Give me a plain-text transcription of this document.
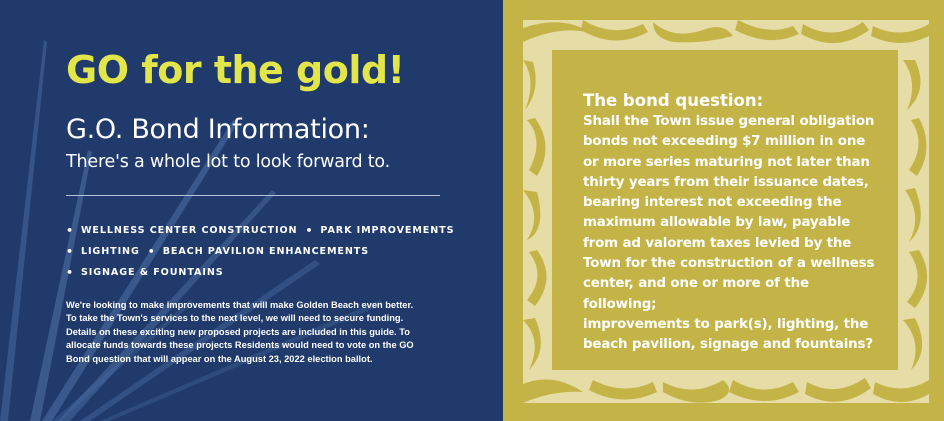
GO for the gold!
G.O. Bond Information:
There's a whole lot to look forward to.
• WELLNESS CENTER CONSTRUCTION • PARK IMPROVEMENTS
• LIGHTING • BEACH PAVILION ENHANCEMENTS
• SIGNAGE & FOUNTAINS
We're looking to make improvements that will make Golden Beach even better.
To take the Town's services to the next level, we will need to secure funding.
Details on these exciting new proposed projects are included in this guide. To
allocate funds towards these projects Residents would need to vote on the GO
Bond question that will appear on the August 23, 2022 election ballot.
The bond question:
Shall the Town issue general obligation
bonds not exceeding $7 million in one
or more series maturing not later than
thirty years from their issuance dates,
bearing interest not exceeding the
maximum allowable by law, payable
from ad valorem taxes levied by the
Town for the construction of a wellness
center, and one or more of the following;
improvements to park(s), lighting, the
beach pavilion, signage and fountains?
